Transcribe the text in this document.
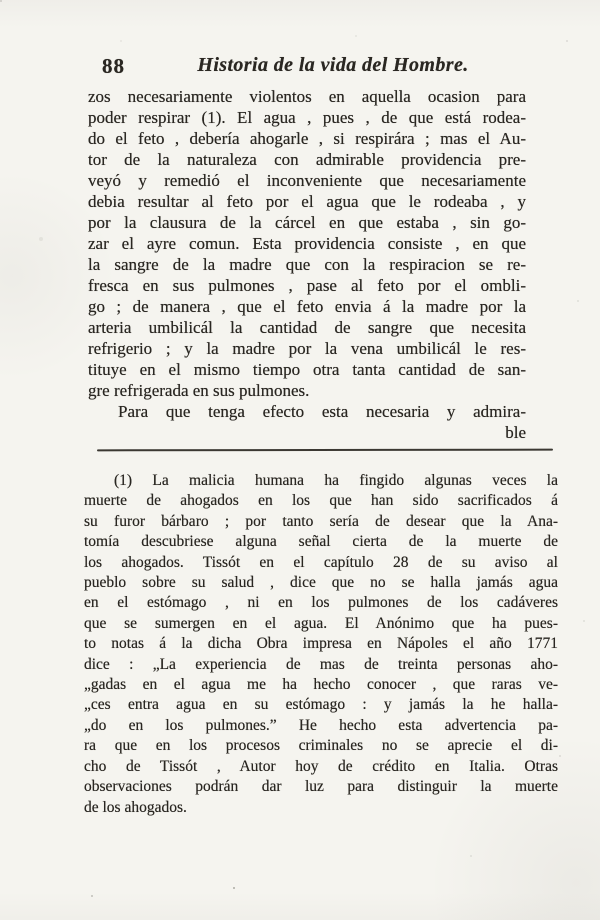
88	Historia de la vida del Hombre.
zos necesariamente violentos en aquella ocasion para
poder respirar (1). El agua , pues , de que está rodea-
do el feto , debería ahogarle , si respirára ; mas el Au-
tor de la naturaleza con admirable providencia pre-
veyó y remedió el inconveniente que necesariamente
debia resultar al feto por el agua que le rodeaba , y
por la clausura de la cárcel en que estaba , sin go-
zar el ayre comun. Esta providencia consiste , en que
la sangre de la madre que con la respiracion se re-
fresca en sus pulmones , pase al feto por el ombli-
go ; de manera , que el feto envia á la madre por la
arteria umbilicál la cantidad de sangre que necesita
refrigerio ; y la madre por la vena umbilicál le res-
tituye en el mismo tiempo otra tanta cantidad de san-
gre refrigerada en sus pulmones.
Para que tenga efecto esta necesaria y admira-
ble
(1) La malicia humana ha fingido algunas veces la
muerte de ahogados en los que han sido sacrificados á
su furor bárbaro ; por tanto sería de desear que la Ana-
tomía descubriese alguna señal cierta de la muerte de
los ahogados. Tissót en el capítulo 28 de su aviso al
pueblo sobre su salud , dice que no se halla jamás agua
en el estómago , ni en los pulmones de los cadáveres
que se sumergen en el agua. El Anónimo que ha pues-
to notas á la dicha Obra impresa en Nápoles el año 1771
dice : „La experiencia de mas de treinta personas aho-
„gadas en el agua me ha hecho conocer , que raras ve-
„ces entra agua en su estómago : y jamás la he halla-
„do en los pulmones.” He hecho esta advertencia pa-
ra que en los procesos criminales no se aprecie el di-
cho de Tissót , Autor hoy de crédito en Italia. Otras
observaciones podrán dar luz para distinguir la muerte
de los ahogados.
